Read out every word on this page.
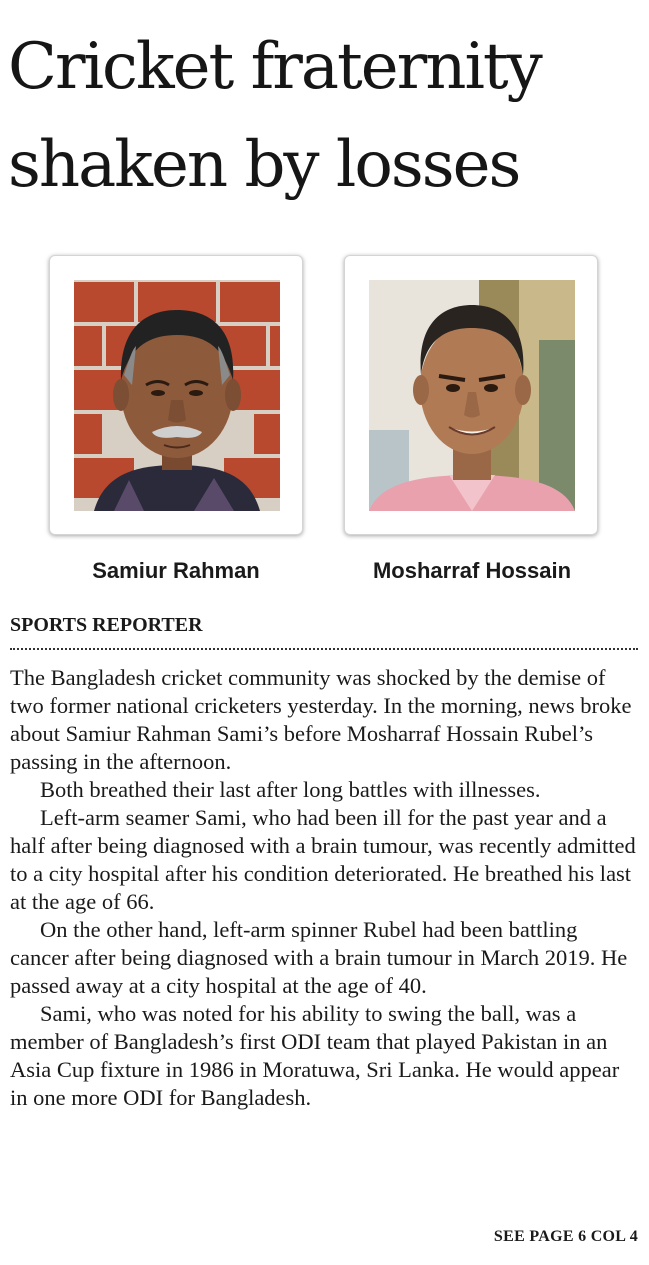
Cricket fraternity
shaken by losses
Samiur Rahman	Mosharraf Hossain
SPORTS REPORTER

The Bangladesh cricket community was shocked by the demise of two former national cricketers yesterday. In the morning, news broke about Samiur Rahman Sami’s before Mosharraf Hossain Rubel’s passing in the afternoon.

Both breathed their last after long battles with illnesses.

Left-arm seamer Sami, who had been ill for the past year and a half after being diagnosed with a brain tumour, was recently admitted to a city hospital after his condition deteriorated. He breathed his last at the age of 66.

On the other hand, left-arm spinner Rubel had been battling cancer after being diagnosed with a brain tumour in March 2019. He passed away at a city hospital at the age of 40.

Sami, who was noted for his ability to swing the ball, was a member of Bangladesh’s first ODI team that played Pakistan in an Asia Cup fixture in 1986 in Moratuwa, Sri Lanka. He would appear in one more ODI for Bangladesh.

SEE PAGE 6 COL 4
